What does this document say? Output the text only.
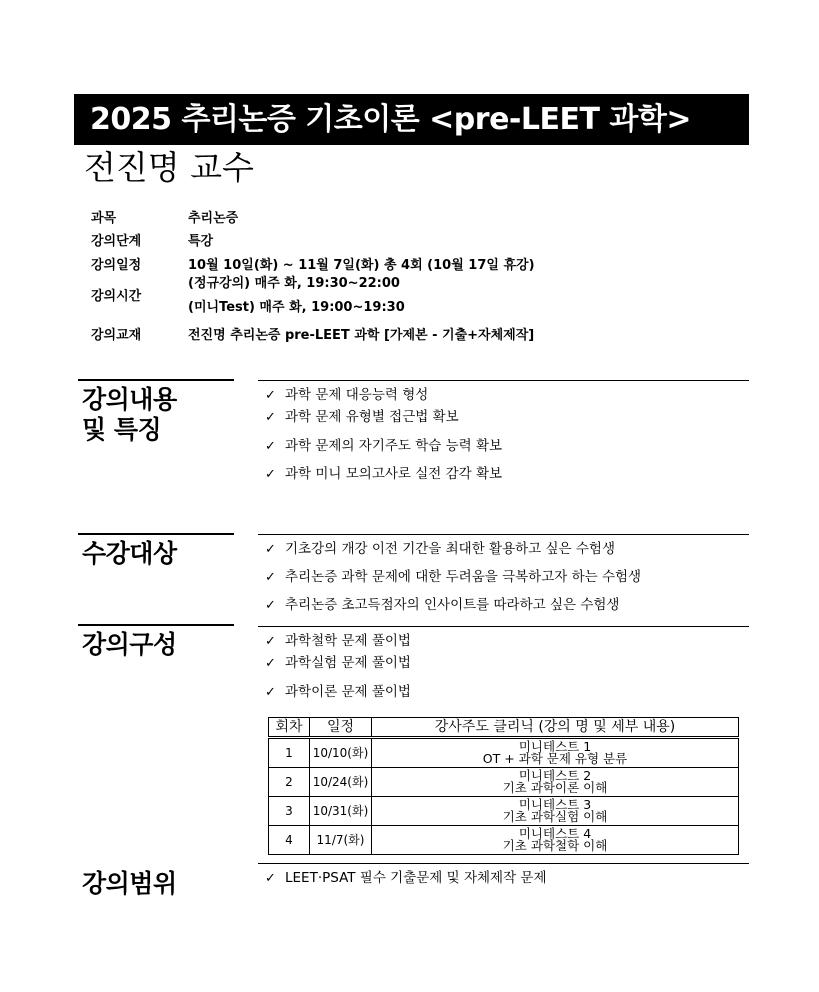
2025 추리논증 기초이론 <pre-LEET 과학>
전진명 교수
과목	추리논증
강의단계	특강
강의일정	10월 10일(화) ~ 11월 7일(화) 총 4회 (10월 17일 휴강)
강의시간
(정규강의) 매주 화, 19:30~22:00
(미니Test) 매주 화, 19:00~19:30
강의교재	전진명 추리논증 pre-LEET 과학 [가제본 - 기출+자체제작]
강의내용
및 특징
✓ 과학 문제 대응능력 형성
✓ 과학 문제 유형별 접근법 확보
✓ 과학 문제의 자기주도 학습 능력 확보
✓ 과학 미니 모의고사로 실전 감각 확보
수강대상	✓ 기초강의 개강 이전 기간을 최대한 활용하고 싶은 수험생
✓ 추리논증 과학 문제에 대한 두려움을 극복하고자 하는 수험생
✓ 추리논증 초고득점자의 인사이트를 따라하고 싶은 수험생
강의구성	✓ 과학철학 문제 풀이법
✓ 과학실험 문제 풀이법
✓ 과학이론 문제 풀이법
회차	일정	강사주도 클리닉 (강의 명 및 세부 내용)
1	10/10(화)	미니테스트 1
OT + 과학 문제 유형 분류

2	10/24(화)	미니테스트 2
기초 과학이론 이해

3	10/31(화)	미니테스트 3
기초 과학실험 이해

4	11/7(화)	미니테스트 4
기초 과학철학 이해
강의범위	✓ LEET·PSAT 필수 기출문제 및 자체제작 문제
